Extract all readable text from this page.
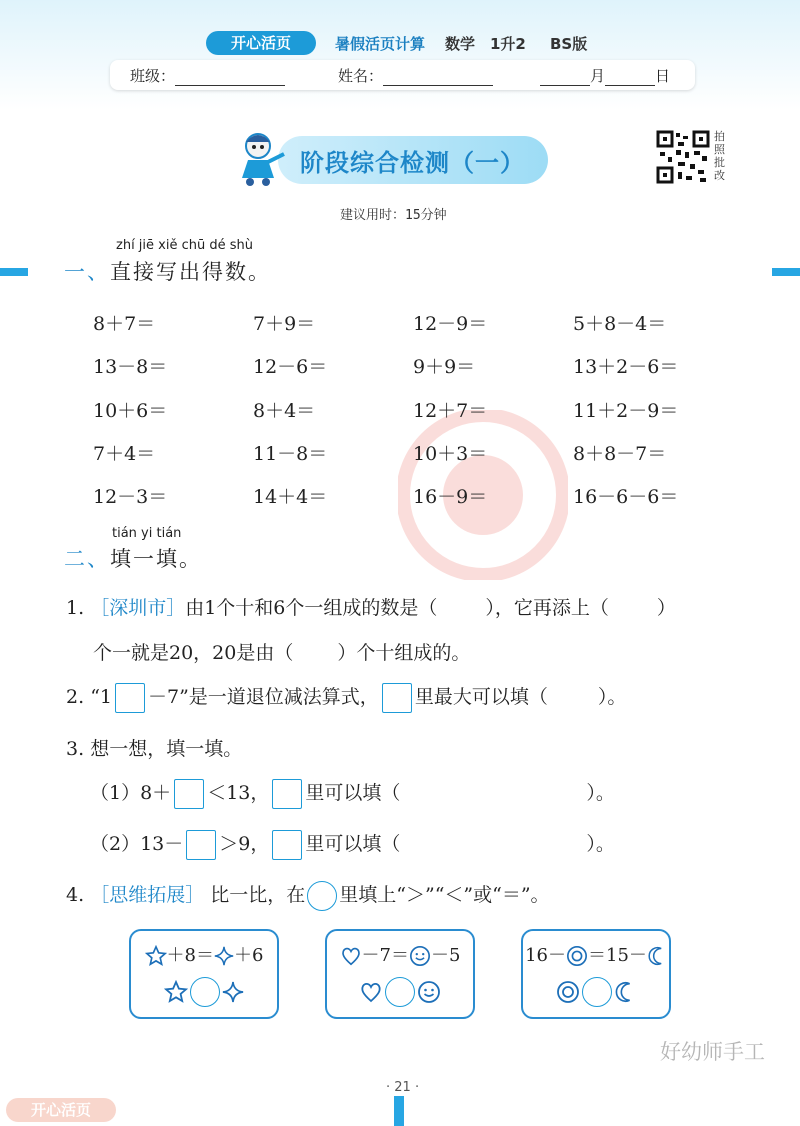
开心活页	暑假活页计算 数学 1升2 BS版
班级：	姓名：	月	日
阶段综合检测（一）
拍照批改
建议用时：15分钟
zhí jiē xiě chū dé shù
一、直接写出得数。
8＋7＝	7＋9＝	12－9＝	5＋8－4＝
13－8＝	12－6＝	9＋9＝	13＋2－6＝
10＋6＝	8＋4＝	12＋7＝	11＋2－9＝
7＋4＝	11－8＝	10＋3＝	8＋8－7＝
12－3＝	14＋4＝	16－9＝	16－6－6＝
tián yi tián
二、填一填。
1. ［深圳市］由1个十和6个一组成的数是（	），它再添上（	）
个一就是20，20是由（ ）个十组成的。
2. “1 －7”是一道退位减法算式， 里最大可以填（	）。
3. 想一想，填一填。
（1）8＋ ＜13， 里可以填（	）。
（2）13－ ＞9， 里可以填（	）。
4. ［思维拓展］ 比一比，在 里填上“＞”“＜”或“＝”。
＋8＝ ＋6	－7＝ －5	16－ ＝15－
好幼师手工
· 21 ·
开心活页
